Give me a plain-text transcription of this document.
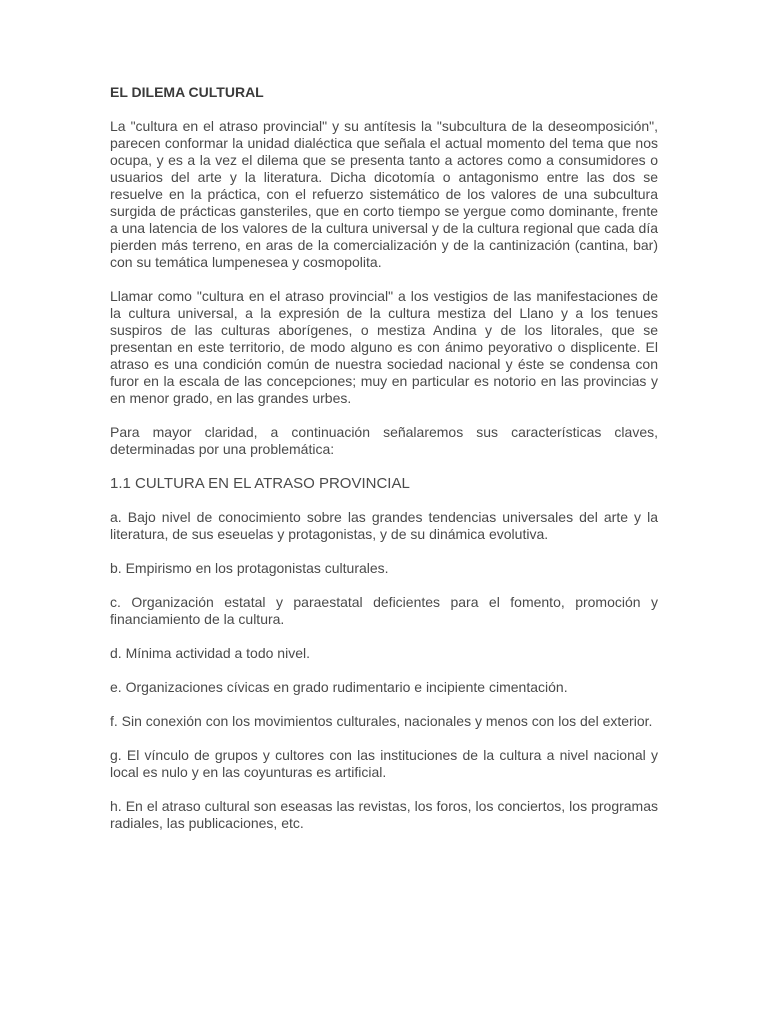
EL DILEMA CULTURAL

La "cultura en el atraso provincial" y su antítesis la "subcultura de la deseomposición", parecen conformar la unidad dialéctica que señala el actual momento del tema que nos ocupa, y es a la vez el dilema que se presenta tanto a actores como a consumidores o usuarios del arte y la literatura. Dicha dicotomía o antagonismo entre las dos se resuelve en la práctica, con el refuerzo sistemático de los valores de una subcultura surgida de prácticas gansteriles, que en corto tiempo se yergue como dominante, frente a una latencia de los valores de la cultura universal y de la cultura regional que cada día pierden más terreno, en aras de la comercialización y de la cantinización (cantina, bar) con su temática lumpenesea y cosmopolita.

Llamar como "cultura en el atraso provincial" a los vestigios de las manifestaciones de la cultura universal, a la expresión de la cultura mestiza del Llano y a los tenues suspiros de las culturas aborígenes, o mestiza Andina y de los litorales, que se presentan en este territorio, de modo alguno es con ánimo peyorativo o displicente. El atraso es una condición común de nuestra sociedad nacional y éste se condensa con furor en la escala de las concepciones; muy en particular es notorio en las provincias y en menor grado, en las grandes urbes.

Para mayor claridad, a continuación señalaremos sus características claves, determinadas por una problemática:

1.1 CULTURA EN EL ATRASO PROVINCIAL

a. Bajo nivel de conocimiento sobre las grandes tendencias universales del arte y la literatura, de sus eseuelas y protagonistas, y de su dinámica evolutiva.

b. Empirismo en los protagonistas culturales.

c. Organización estatal y paraestatal deficientes para el fomento, promoción y financiamiento de la cultura.

d. Mínima actividad a todo nivel.

e. Organizaciones cívicas en grado rudimentario e incipiente cimentación.

f. Sin conexión con los movimientos culturales, nacionales y menos con los del exterior.

g. El vínculo de grupos y cultores con las instituciones de la cultura a nivel nacional y local es nulo y en las coyunturas es artificial.

h. En el atraso cultural son eseasas las revistas, los foros, los conciertos, los programas radiales, las publicaciones, etc.
